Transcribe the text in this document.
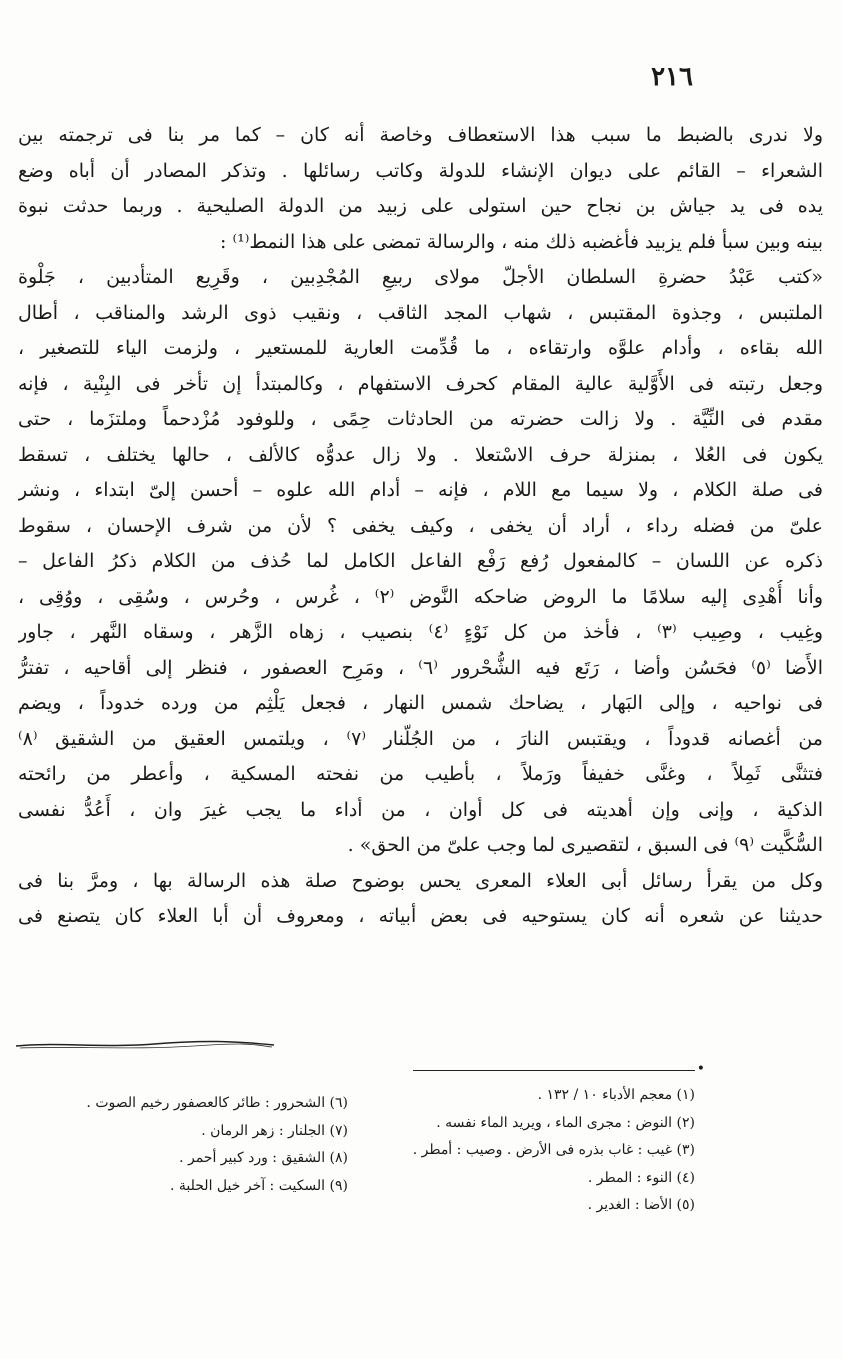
٢١٦
ولا ندرى بالضبط ما سبب هذا الاستعطاف وخاصة أنه كان – كما مر بنا فى ترجمته بين
الشعراء – القائم على ديوان الإنشاء للدولة وكاتب رسائلها . وتذكر المصادر أن أباه وضع
يده فى يد جياش بن نجاح حين استولى على زبيد من الدولة الصليحية . وربما حدثت نبوة
بينه وبين سبأ فلم يزبيد فأغضبه ذلك منه ، والرسالة تمضى على هذا النمط⁽¹⁾ :
«كتب عَبْدُ حضرةِ السلطان الأجلّ مولاى ربيعِ المُجْدِبين ، وقَرِيع المتأدبين ، جَلْوة
الملتبس ، وجذوة المقتبس ، شهاب المجد الثاقب ، ونقيب ذوى الرشد والمناقب ، أطال
الله بقاءه ، وأدام علوَّه وارتقاءه ، ما قُدِّمت العارية للمستعير ، ولزمت الياء للتصغير ،
وجعل رتبته فى الأَوَّلية عالية المقام كحرف الاستفهام ، وكالمبتدأ إن تأخر فى البِنْية ، فإنه
مقدم فى النِّيَّة . ولا زالت حضرته من الحادثات حِمًى ، وللوفود مُزْدحماً وملتزَما ، حتى
يكون فى العُلا ، بمنزلة حرف الاسْتعلا . ولا زال عدوُّه كالألف ، حالها يختلف ، تسقط
فى صلة الكلام ، ولا سيما مع اللام ، فإنه – أدام الله علوه – أحسن إلىّ ابتداء ، ونشر
علىّ من فضله رداء ، أراد أن يخفى ، وكيف يخفى ؟ لأن من شرف الإحسان ، سقوط
ذكره عن اللسان – كالمفعول رُفع رَفْع الفاعل الكامل لما حُذف من الكلام ذكرُ الفاعل –
وأنا أُهْدِى إليه سلامًا ما الروض ضاحكه النَّوض ⁽٢⁾ ، غُرس ، وحُرس ، وسُقِى ، ووُقِى ،
وغِيب ، وصِيب ⁽٣⁾ ، فأخذ من كل نَوْءٍ ⁽٤⁾ بنصيب ، زهاه الزَّهر ، وسقاه النَّهر ، جاور
الأَضا ⁽٥⁾ فحَسُن وأضا ، رَتَع فيه الشُّحْرور ⁽٦⁾ ، ومَرِح العصفور ، فنظر إلى أقاحيه ، تفترُّ
فى نواحيه ، وإلى البَهار ، يضاحك شمس النهار ، فجعل يَلْثِم من ورده خدوداً ، ويضم
من أغصانه قدوداً ، ويقتبس النارَ ، من الجُلّنار ⁽٧⁾ ، ويلتمس العقيق من الشقيق ⁽٨⁾
فتثنَّى ثَمِلاً ، وغنَّى خفيفاً ورَملاً ، بأطيب من نفحته المسكية ، وأعطر من رائحته
الذكية ، وإنى وإن أهديته فى كل أوان ، من أداء ما يجب غيرَ وان ، أَعُدُّ نفسى
السُّكَّيت ⁽٩⁾ فى السبق ، لتقصيرى لما وجب علىّ من الحق» .
وكل من يقرأ رسائل أبى العلاء المعرى يحس بوضوح صلة هذه الرسالة بها ، ومرَّ بنا فى
حديثنا عن شعره أنه كان يستوحيه فى بعض أبياته ، ومعروف أن أبا العلاء كان يتصنع فى
•
(١) معجم الأدباء ١٠ / ١٣٢ .
(٢) النوض : مجرى الماء ، ويريد الماء نفسه .
(٣) غيب : غاب بذره فى الأرض . وصيب : أمطر .
(٤) النوء : المطر .
(٥) الأضا : الغدير .
(٦) الشحرور : طائر كالعصفور رخيم الصوت .
(٧) الجلنار : زهر الرمان .
(٨) الشقيق : ورد كبير أحمر .
(٩) السكيت : آخر خيل الحلبة .
